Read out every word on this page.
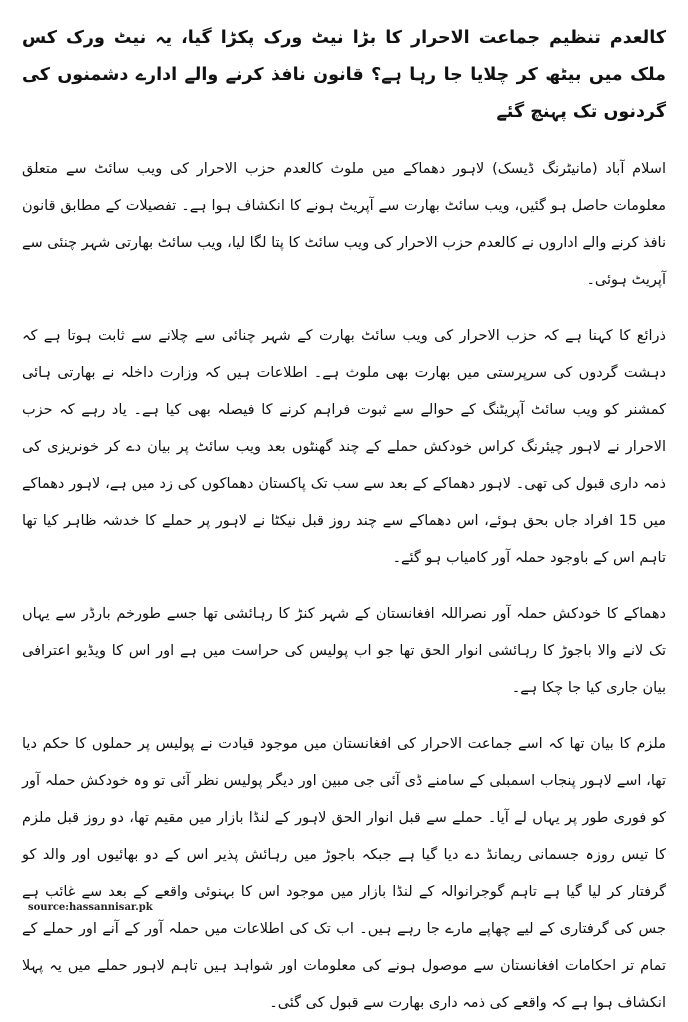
کالعدم تنظیم جماعت الاحرار کا بڑا نیٹ ورک پکڑا گیا، یہ نیٹ ورک کس ملک میں بیٹھ کر چلایا جا رہا ہے؟ قانون نافذ کرنے والے ادارے دشمنوں کی گردنوں تک پہنچ گئے

اسلام آباد (مانیٹرنگ ڈیسک) لاہور دھماکے میں ملوث کالعدم حزب الاحرار کی ویب سائٹ سے متعلق معلومات حاصل ہو گئیں، ویب سائٹ بھارت سے آپریٹ ہونے کا انکشاف ہوا ہے۔ تفصیلات کے مطابق قانون نافذ کرنے والے اداروں نے کالعدم حزب الاحرار کی ویب سائٹ کا پتا لگا لیا، ویب سائٹ بھارتی شہر چنئی سے آپریٹ ہوئی۔

ذرائع کا کہنا ہے کہ حزب الاحرار کی ویب سائٹ بھارت کے شہر چنائی سے چلانے سے ثابت ہوتا ہے کہ دہشت گردوں کی سرپرستی میں بھارت بھی ملوث ہے۔ اطلاعات ہیں کہ وزارت داخلہ نے بھارتی ہائی کمشنر کو ویب سائٹ آپریٹنگ کے حوالے سے ثبوت فراہم کرنے کا فیصلہ بھی کیا ہے۔ یاد رہے کہ حزب الاحرار نے لاہور چیئرنگ کراس خودکش حملے کے چند گھنٹوں بعد ویب سائٹ پر بیان دے کر خونریزی کی ذمہ داری قبول کی تھی۔ لاہور دھماکے کے بعد سے سب تک پاکستان دھماکوں کی زد میں ہے، لاہور دھماکے میں 15 افراد جاں بحق ہوئے، اس دھماکے سے چند روز قبل نیکٹا نے لاہور پر حملے کا خدشہ ظاہر کیا تھا تاہم اس کے باوجود حملہ آور کامیاب ہو گئے۔

دھماکے کا خودکش حملہ آور نصراللہ افغانستان کے شہر کنڑ کا رہائشی تھا جسے طورخم بارڈر سے یہاں تک لانے والا باجوڑ کا رہائشی انوار الحق تھا جو اب پولیس کی حراست میں ہے اور اس کا ویڈیو اعترافی بیان جاری کیا جا چکا ہے۔

ملزم کا بیان تھا کہ اسے جماعت الاحرار کی افغانستان میں موجود قیادت نے پولیس پر حملوں کا حکم دیا تھا، اسے لاہور پنجاب اسمبلی کے سامنے ڈی آئی جی مبین اور دیگر پولیس نظر آئی تو وہ خودکش حملہ آور کو فوری طور پر یہاں لے آیا۔ حملے سے قبل انوار الحق لاہور کے لنڈا بازار میں مقیم تھا، دو روز قبل ملزم کا تیس روزہ جسمانی ریمانڈ دے دیا گیا ہے جبکہ باجوڑ میں رہائش پذیر اس کے دو بھائیوں اور والد کو گرفتار کر لیا گیا ہے تاہم گوجرانوالہ کے لنڈا بازار میں موجود اس کا بہنوئی واقعے کے بعد سے غائب ہے جس کی گرفتاری کے لیے چھاپے مارے جا رہے ہیں۔ اب تک کی اطلاعات میں حملہ آور کے آنے اور حملے کے تمام تر احکامات افغانستان سے موصول ہونے کی معلومات اور شواہد ہیں تاہم لاہور حملے میں یہ پہلا انکشاف ہوا ہے کہ واقعے کی ذمہ داری بھارت سے قبول کی گئی۔

source:hassannisar.pk
